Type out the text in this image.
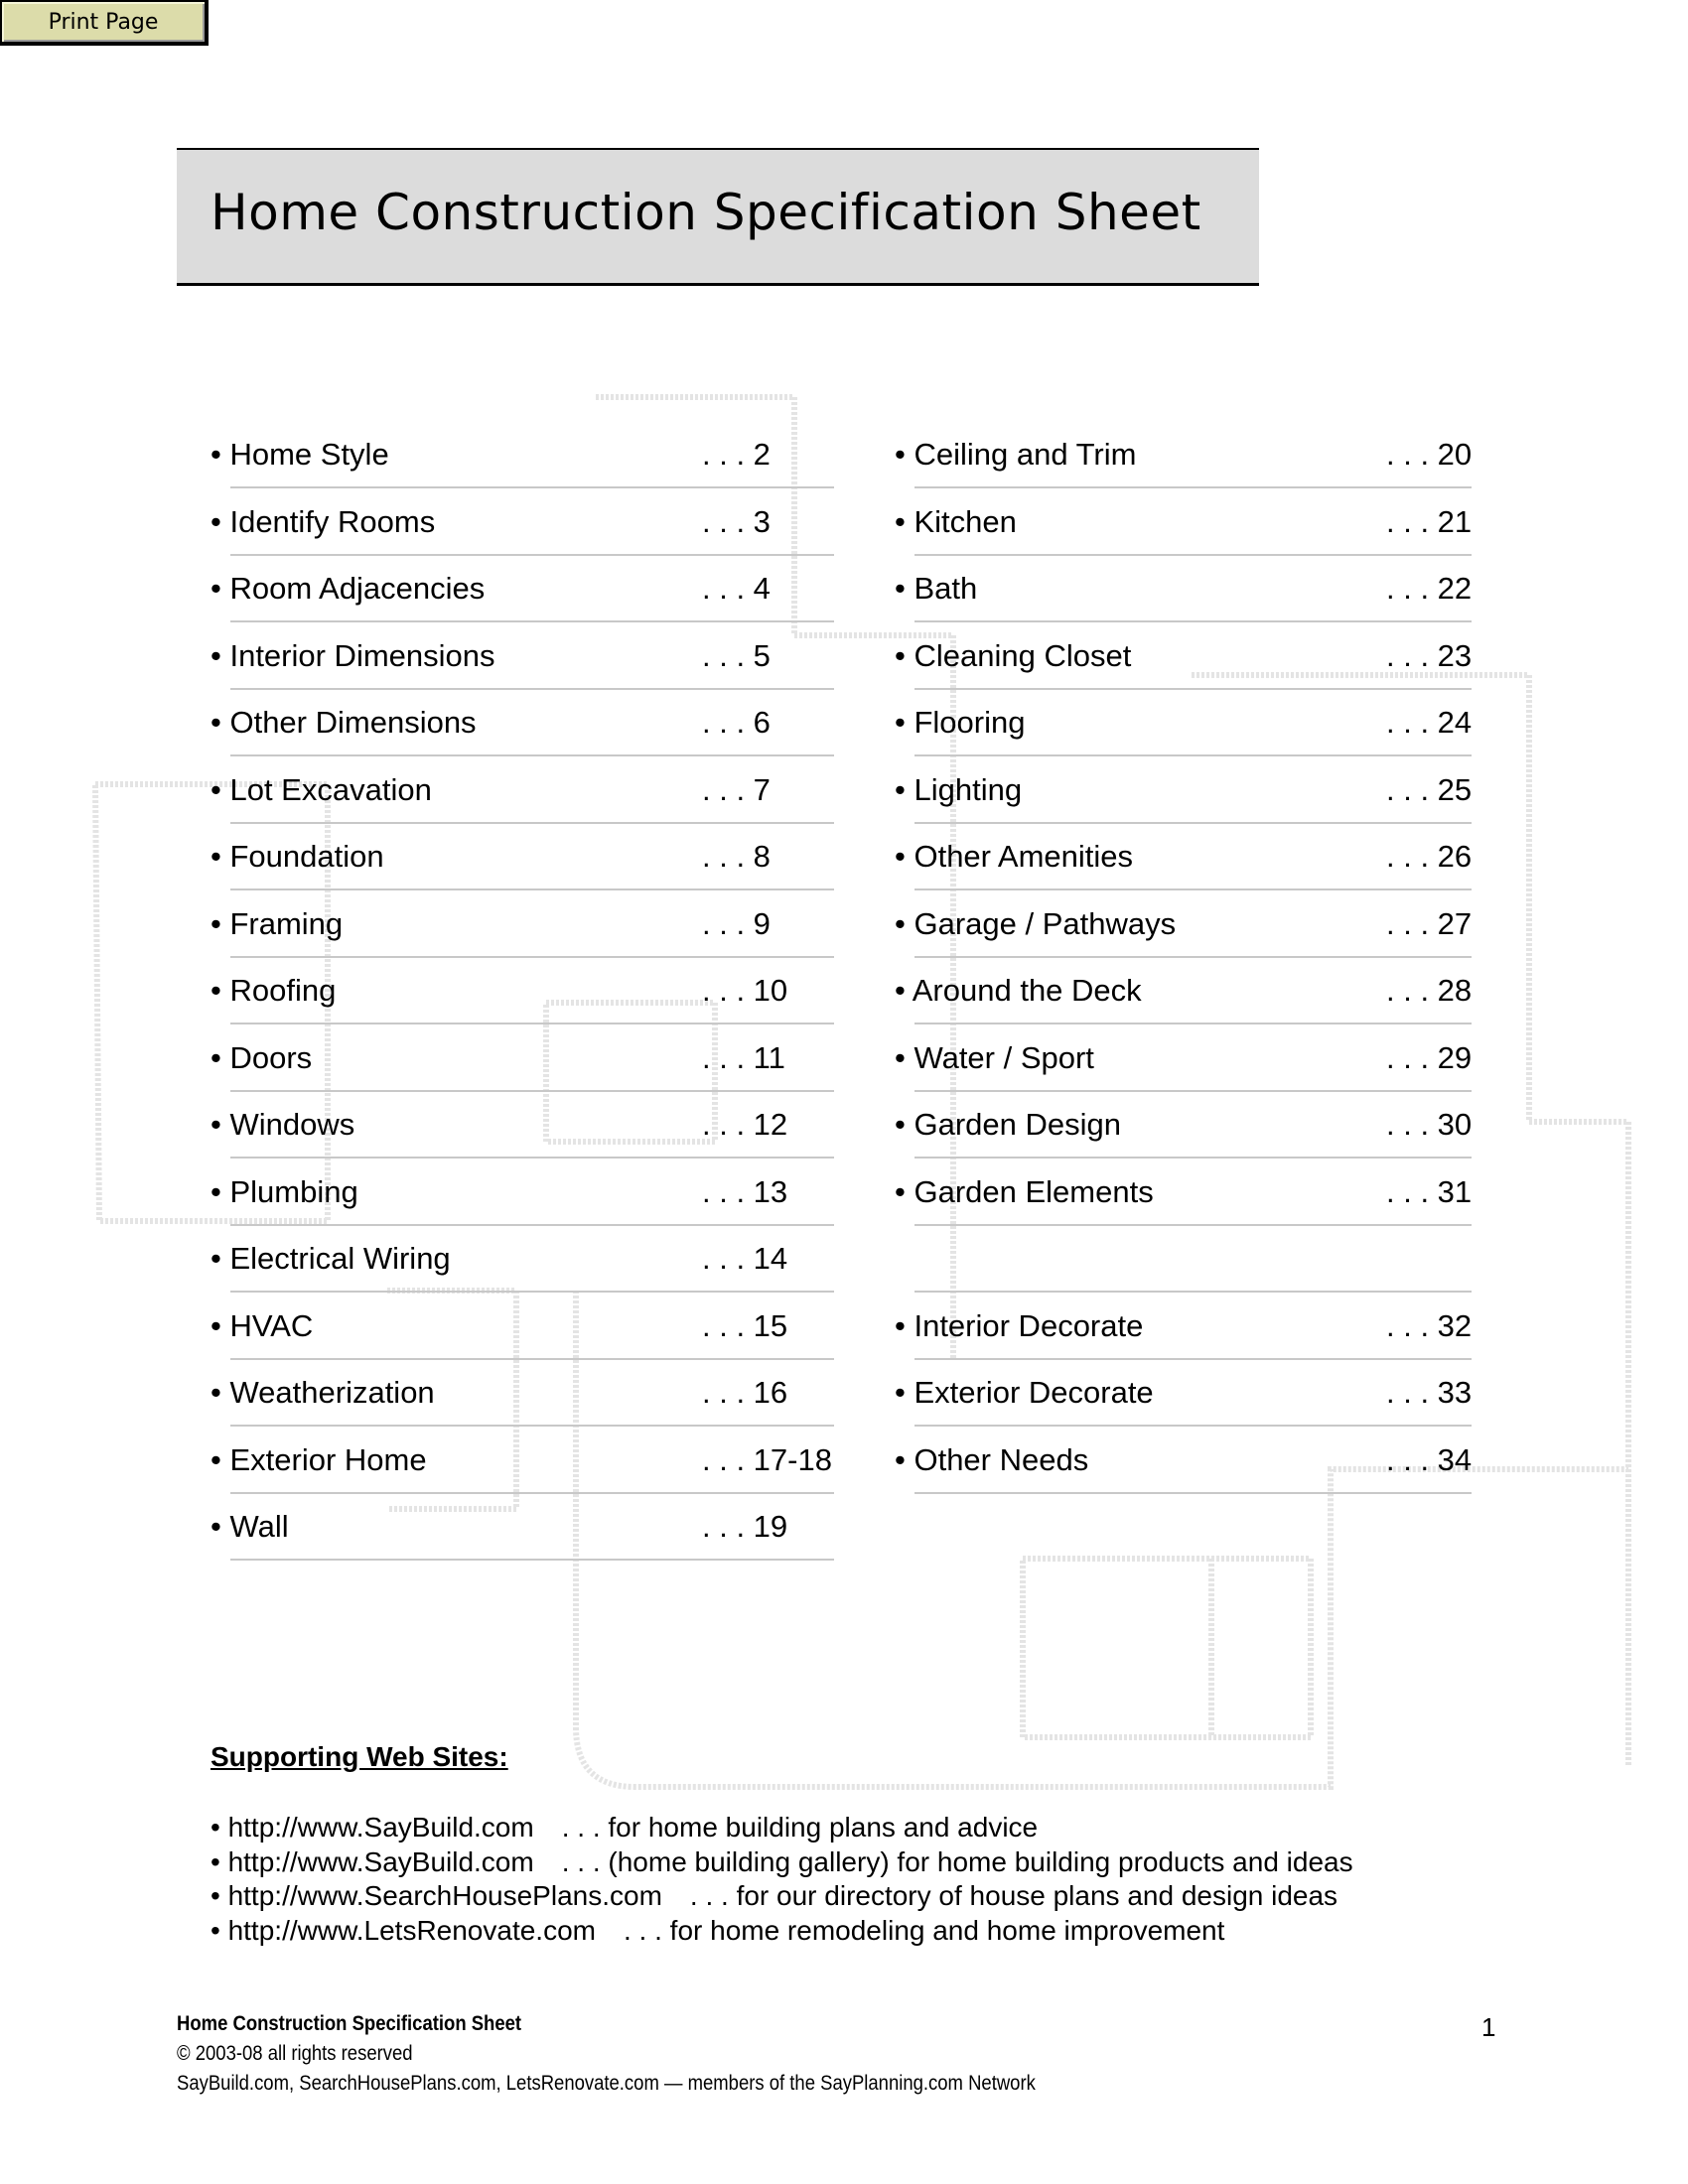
Print Page
Home Construction Specification Sheet
• Home Style	. . . 2
• Identify Rooms	. . . 3
• Room Adjacencies	. . . 4
• Interior Dimensions	. . . 5
• Other Dimensions	. . . 6
• Lot Excavation	. . . 7
• Foundation	. . . 8
• Framing	. . . 9
• Roofing	. . . 10
• Doors	. . . 11
• Windows	. . . 12
• Plumbing	. . . 13
• Electrical Wiring	. . . 14
• HVAC	. . . 15
• Weatherization	. . . 16
• Exterior Home	. . . 17-18
• Wall	. . . 19
• Ceiling and Trim	. . . 20
• Kitchen	. . . 21
• Bath	. . . 22
• Cleaning Closet	. . . 23
• Flooring	. . . 24
• Lighting	. . . 25
• Other Amenities	. . . 26
• Garage / Pathways	. . . 27
• Around the Deck	. . . 28
• Water / Sport	. . . 29
• Garden Design	. . . 30
• Garden Elements	. . . 31
• Interior Decorate	. . . 32
• Exterior Decorate	. . . 33
• Other Needs	. . . 34
Supporting Web Sites:
• http://www.SayBuild.com . . . for home building plans and advice
• http://www.SayBuild.com . . . (home building gallery) for home building products and ideas
• http://www.SearchHousePlans.com . . . for our directory of house plans and design ideas
• http://www.LetsRenovate.com . . . for home remodeling and home improvement
Home Construction Specification Sheet
© 2003-08 all rights reserved
SayBuild.com, SearchHousePlans.com, LetsRenovate.com — members of the SayPlanning.com Network
1
